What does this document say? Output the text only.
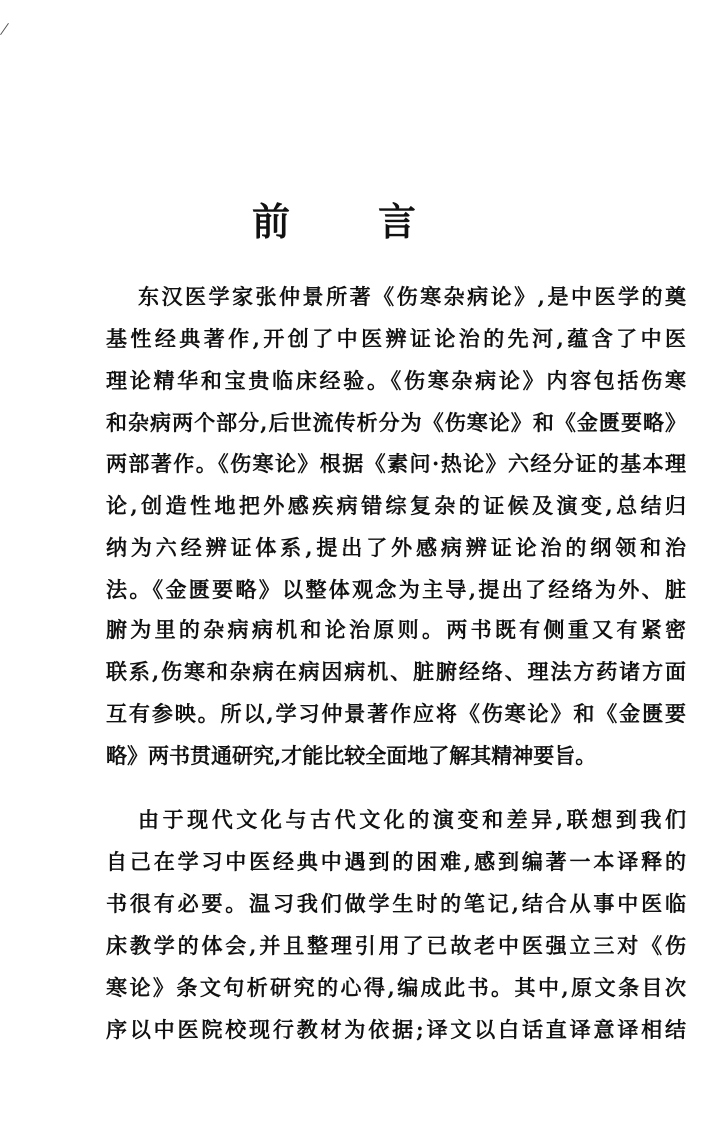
前 言
东汉医学家张仲景所著《伤寒杂病论》,是中医学的奠
基性经典著作,开创了中医辨证论治的先河,蕴含了中医
理论精华和宝贵临床经验。《伤寒杂病论》内容包括伤寒
和杂病两个部分,后世流传析分为《伤寒论》和《金匮要略》
两部著作。《伤寒论》根据《素问·热论》六经分证的基本理
论,创造性地把外感疾病错综复杂的证候及演变,总结归
纳为六经辨证体系,提出了外感病辨证论治的纲领和治
法。《金匮要略》以整体观念为主导,提出了经络为外、脏
腑为里的杂病病机和论治原则。两书既有侧重又有紧密
联系,伤寒和杂病在病因病机、脏腑经络、理法方药诸方面
互有参映。所以,学习仲景著作应将《伤寒论》和《金匮要
略》两书贯通研究,才能比较全面地了解其精神要旨。
由于现代文化与古代文化的演变和差异,联想到我们
自己在学习中医经典中遇到的困难,感到编著一本译释的
书很有必要。温习我们做学生时的笔记,结合从事中医临
床教学的体会,并且整理引用了已故老中医强立三对《伤
寒论》条文句析研究的心得,编成此书。其中,原文条目次
序以中医院校现行教材为依据;译文以白话直译意译相结
